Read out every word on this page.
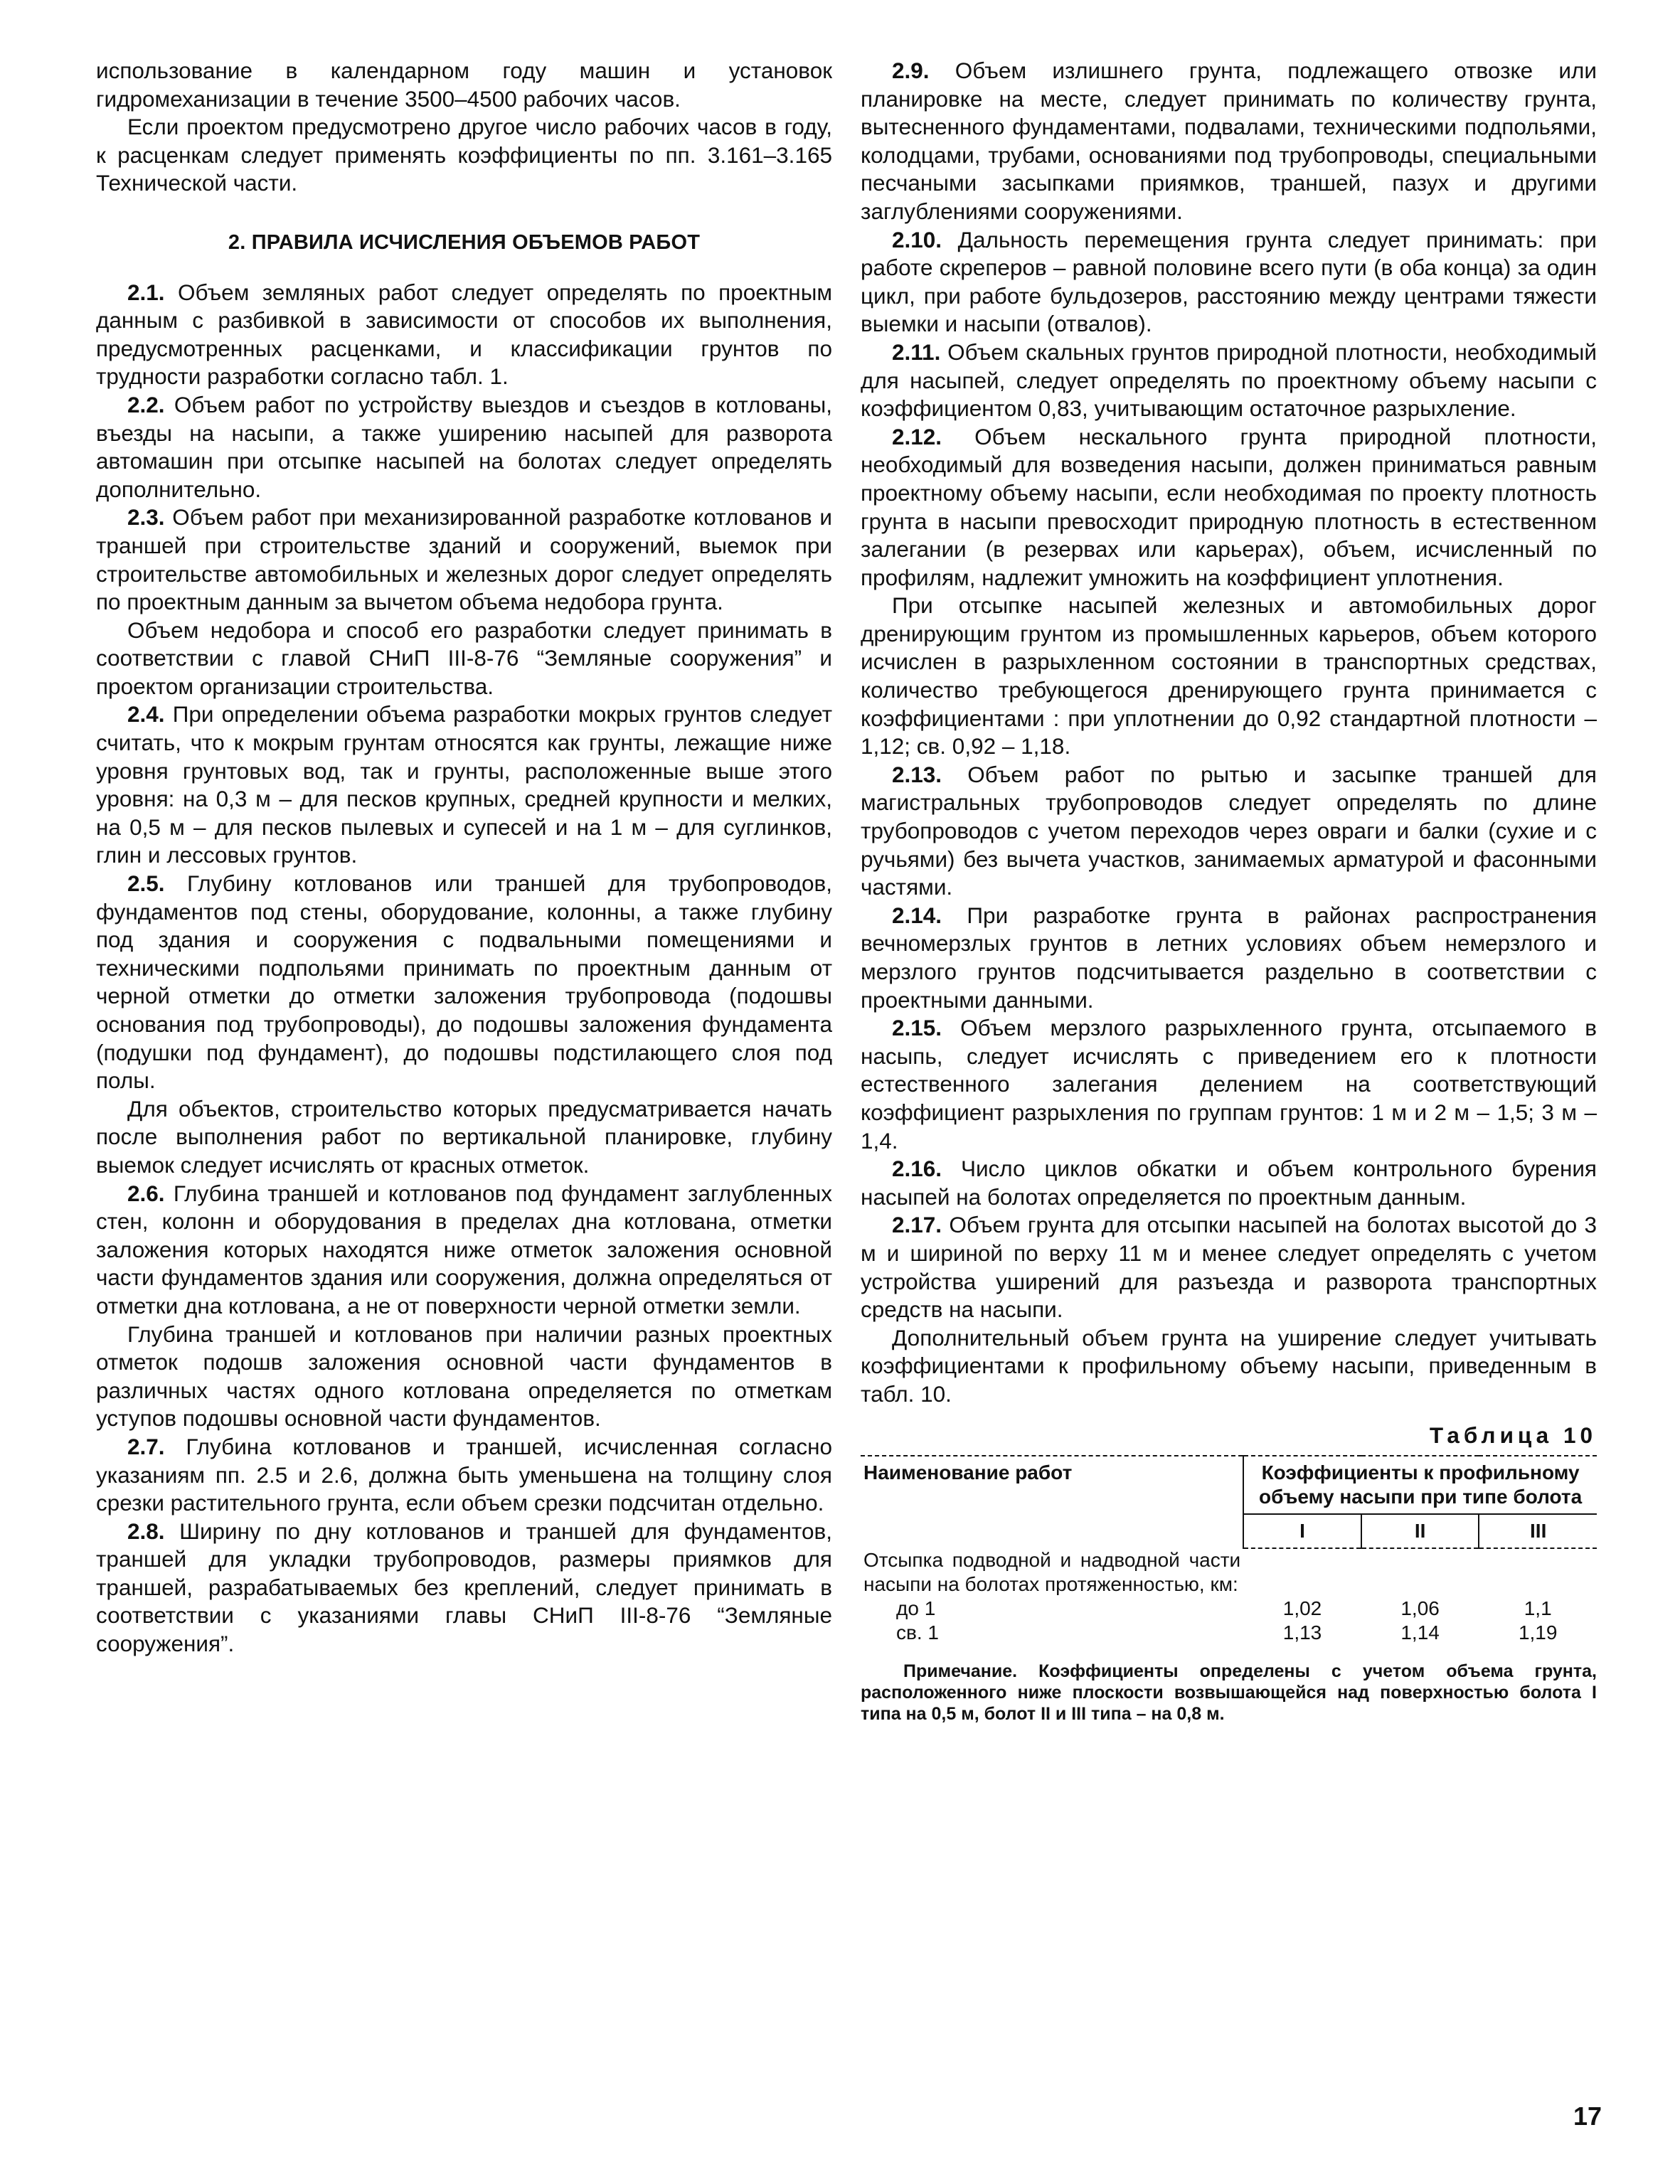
использование в календарном году машин и установок гидромеханизации в течение 3500–4500 рабочих часов.

Если проектом предусмотрено другое число рабочих часов в году, к расценкам следует применять коэффициенты по пп. 3.161–3.165 Технической части.

2. ПРАВИЛА ИСЧИСЛЕНИЯ ОБЪЕМОВ РАБОТ

2.1. Объем земляных работ следует определять по проектным данным с разбивкой в зависимости от способов их выполнения, предусмотренных расценками, и классификации грунтов по трудности разработки согласно табл. 1.

2.2. Объем работ по устройству выездов и съездов в котлованы, въезды на насыпи, а также уширению насыпей для разворота автомашин при отсыпке насыпей на болотах следует определять дополнительно.

2.3. Объем работ при механизированной разработке котлованов и траншей при строительстве зданий и сооружений, выемок при строительстве автомобильных и железных дорог следует определять по проектным данным за вычетом объема недобора грунта.

Объем недобора и способ его разработки следует принимать в соответствии с главой СНиП III-8-76 “Земляные сооружения” и проектом организации строительства.

2.4. При определении объема разработки мокрых грунтов следует считать, что к мокрым грунтам относятся как грунты, лежащие ниже уровня грунтовых вод, так и грунты, расположенные выше этого уровня: на 0,3 м – для песков крупных, средней крупности и мелких, на 0,5 м – для песков пылевых и супесей и на 1 м – для суглинков, глин и лессовых грунтов.

2.5. Глубину котлованов или траншей для трубопроводов, фундаментов под стены, оборудование, колонны, а также глубину под здания и сооружения с подвальными помещениями и техническими подпольями принимать по проектным данным от черной отметки до отметки заложения трубопровода (подошвы основания под трубопроводы), до подошвы заложения фундамента (подушки под фундамент), до подошвы подстилающего слоя под полы.

Для объектов, строительство которых предусматривается начать после выполнения работ по вертикальной планировке, глубину выемок следует исчислять от красных отметок.

2.6. Глубина траншей и котлованов под фундамент заглубленных стен, колонн и оборудования в пределах дна котлована, отметки заложения которых находятся ниже отметок заложения основной части фундаментов здания или сооружения, должна определяться от отметки дна котлована, а не от поверхности черной отметки земли.

Глубина траншей и котлованов при наличии разных проектных отметок подошв заложения основной части фундаментов в различных частях одного котлована определяется по отметкам уступов подошвы основной части фундаментов.

2.7. Глубина котлованов и траншей, исчисленная согласно указаниям пп. 2.5 и 2.6, должна быть уменьшена на толщину слоя срезки растительного грунта, если объем срезки подсчитан отдельно.

2.8. Ширину по дну котлованов и траншей для фундаментов, траншей для укладки трубопроводов, размеры приямков для траншей, разрабатываемых без креплений, следует принимать в соответствии с указаниями главы СНиП III-8-76 “Земляные сооружения”.

2.9. Объем излишнего грунта, подлежащего отвозке или планировке на месте, следует принимать по количеству грунта, вытесненного фундаментами, подвалами, техническими подпольями, колодцами, трубами, основаниями под трубопроводы, специальными песчаными засыпками приямков, траншей, пазух и другими заглублениями сооружениями.

2.10. Дальность перемещения грунта следует принимать: при работе скреперов – равной половине всего пути (в оба конца) за один цикл, при работе бульдозеров, расстоянию между центрами тяжести выемки и насыпи (отвалов).

2.11. Объем скальных грунтов природной плотности, необходимый для насыпей, следует определять по проектному объему насыпи с коэффициентом 0,83, учитывающим остаточное разрыхление.

2.12. Объем нескального грунта природной плотности, необходимый для возведения насыпи, должен приниматься равным проектному объему насыпи, если необходимая по проекту плотность грунта в насыпи превосходит природную плотность в естественном залегании (в резервах или карьерах), объем, исчисленный по профилям, надлежит умножить на коэффициент уплотнения.

При отсыпке насыпей железных и автомобильных дорог дренирующим грунтом из промышленных карьеров, объем которого исчислен в разрыхленном состоянии в транспортных средствах, количество требующегося дренирующего грунта принимается с коэффициентами : при уплотнении до 0,92 стандартной плотности – 1,12; св. 0,92 – 1,18.

2.13. Объем работ по рытью и засыпке траншей для магистральных трубопроводов следует определять по длине трубопроводов с учетом переходов через овраги и балки (сухие и с ручьями) без вычета участков, занимаемых арматурой и фасонными частями.

2.14. При разработке грунта в районах распространения вечномерзлых грунтов в летних условиях объем немерзлого и мерзлого грунтов подсчитывается раздельно в соответствии с проектными данными.

2.15. Объем мерзлого разрыхленного грунта, отсыпаемого в насыпь, следует исчислять с приведением его к плотности естественного залегания делением на соответствующий коэффициент разрыхления по группам грунтов: 1 м и 2 м – 1,5; 3 м – 1,4.

2.16. Число циклов обкатки и объем контрольного бурения насыпей на болотах определяется по проектным данным.

2.17. Объем грунта для отсыпки насыпей на болотах высотой до 3 м и шириной по верху 11 м и менее следует определять с учетом устройства уширений для разъезда и разворота транспортных средств на насыпи.

Дополнительный объем грунта на уширение следует учитывать коэффициентами к профильному объему насыпи, приведенным в табл. 10.

Таблица 10
Наименование работ	Коэффициенты к профильному объему насыпи при типе болота		
	I	II	III
Отсыпка подводной и надводной части насыпи на болотах протяженностью, км:			
до 1	1,02	1,06	1,1
св. 1	1,13	1,14	1,19
Примечание. Коэффициенты определены с учетом объема грунта, расположенного ниже плоскости возвышающейся над поверхностью болота I типа на 0,5 м, болот II и III типа – на 0,8 м.
17
